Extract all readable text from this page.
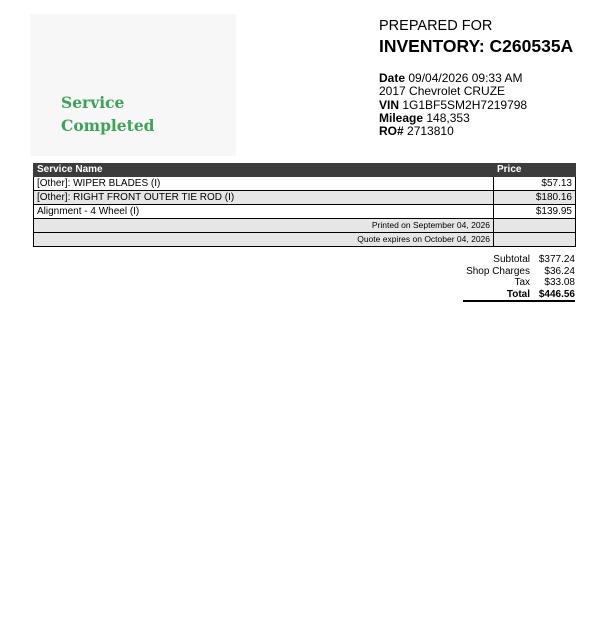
Service
Completed
PREPARED FOR
INVENTORY: C260535A
Date 09/04/2026 09:33 AM
2017 Chevrolet CRUZE
VIN 1G1BF5SM2H7219798
Mileage 148,353
RO# 2713810
Service Name	Price
[Other]: WIPER BLADES (I)	$57.13
[Other]: RIGHT FRONT OUTER TIE ROD (I)	$180.16
Alignment - 4 Wheel (I)	$139.95
Printed on September 04, 2026	
Quote expires on October 04, 2026	
Subtotal $377.24
Shop Charges	$36.24
Tax	$33.08
Total $446.56
